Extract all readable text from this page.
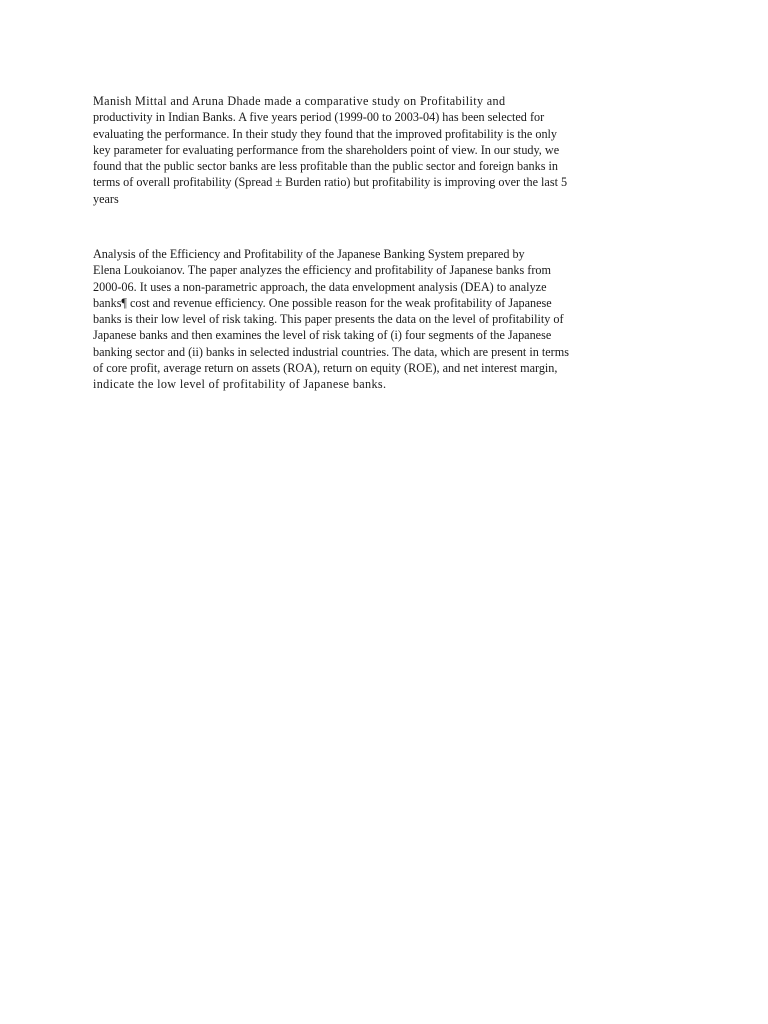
Manish Mittal and Aruna Dhade made a comparative study on Profitability and
productivity in Indian Banks. A five years period (1999-00 to 2003-04) has been selected for
evaluating the performance. In their study they found that the improved profitability is the only
key parameter for evaluating performance from the shareholders point of view. In our study, we
found that the public sector banks are less profitable than the public sector and foreign banks in
terms of overall profitability (Spread ± Burden ratio) but profitability is improving over the last 5
years
Analysis of the Efficiency and Profitability of the Japanese Banking System prepared by
Elena Loukoianov. The paper analyzes the efficiency and profitability of Japanese banks from
2000-06. It uses a non-parametric approach, the data envelopment analysis (DEA) to analyze
banks¶ cost and revenue efficiency. One possible reason for the weak profitability of Japanese
banks is their low level of risk taking. This paper presents the data on the level of profitability of
Japanese banks and then examines the level of risk taking of (i) four segments of the Japanese
banking sector and (ii) banks in selected industrial countries. The data, which are present in terms
of core profit, average return on assets (ROA), return on equity (ROE), and net interest margin,
indicate the low level of profitability of Japanese banks.
